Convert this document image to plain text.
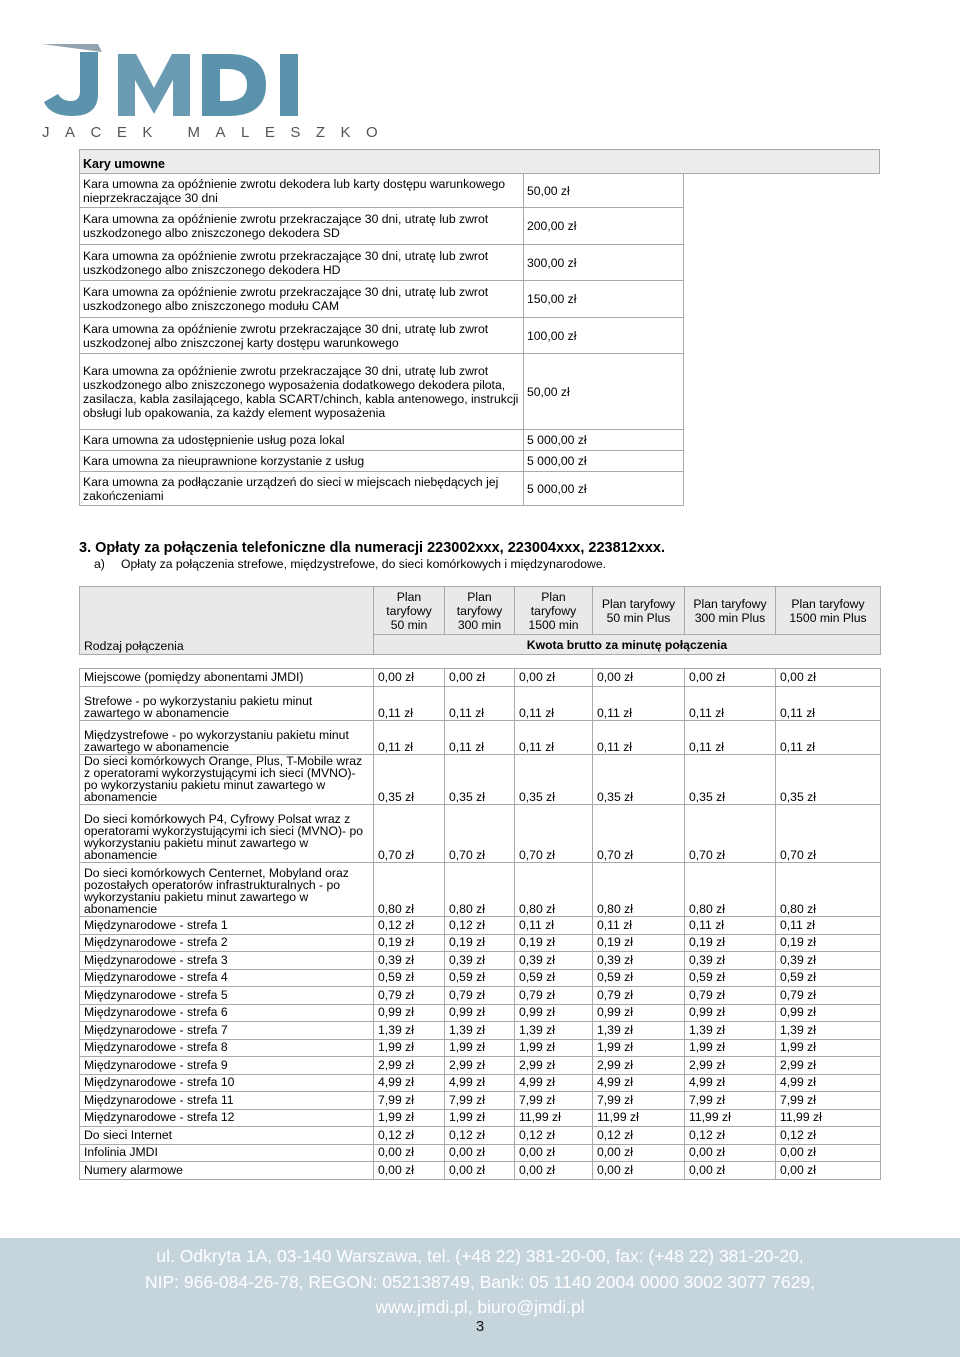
JACEK MALESZKO
Kary umowne		
Kara umowna za opóźnienie zwrotu dekodera lub karty dostępu warunkowego nieprzekraczające 30 dni	50,00 zł	
Kara umowna za opóźnienie zwrotu przekraczające 30 dni, utratę lub zwrot uszkodzonego albo zniszczonego dekodera SD	200,00 zł	
Kara umowna za opóźnienie zwrotu przekraczające 30 dni, utratę lub zwrot uszkodzonego albo zniszczonego dekodera HD	300,00 zł	
Kara umowna za opóźnienie zwrotu przekraczające 30 dni, utratę lub zwrot uszkodzonego albo zniszczonego modułu CAM	150,00 zł	
Kara umowna za opóźnienie zwrotu przekraczające 30 dni, utratę lub zwrot uszkodzonej albo zniszczonej karty dostępu warunkowego	100,00 zł	
Kara umowna za opóźnienie zwrotu przekraczające 30 dni, utratę lub zwrot uszkodzonego albo zniszczonego wyposażenia dodatkowego dekodera pilota, zasilacza, kabla zasilającego, kabla SCART/chinch, kabla antenowego, instrukcji obsługi lub opakowania, za każdy element wyposażenia	50,00 zł	
Kara umowna za udostępnienie usług poza lokal	5 000,00 zł	
Kara umowna za nieuprawnione korzystanie z usług	5 000,00 zł	
Kara umowna za podłączanie urządzeń do sieci w miejscach niebędących jej zakończeniami	5 000,00 zł	
3. Opłaty za połączenia telefoniczne dla numeracji 223002xxx, 223004xxx, 223812xxx.
a) Opłaty za połączenia strefowe, międzystrefowe, do sieci komórkowych i międzynarodowe.
Rodzaj połączenia	Plan taryfowy 50 min	Plan taryfowy 300 min	Plan taryfowy 1500 min	Plan taryfowy 50 min Plus	Plan taryfowy 300 min Plus	Plan taryfowy 1500 min Plus
	Kwota brutto za minutę połączenia					

Miejscowe (pomiędzy abonentami JMDI)	0,00 zł	0,00 zł	0,00 zł	0,00 zł	0,00 zł	0,00 zł
Strefowe - po wykorzystaniu pakietu minut zawartego w abonamencie	0,11 zł	0,11 zł	0,11 zł	0,11 zł	0,11 zł	0,11 zł
Międzystrefowe - po wykorzystaniu pakietu minut zawartego w abonamencie	0,11 zł	0,11 zł	0,11 zł	0,11 zł	0,11 zł	0,11 zł
Do sieci komórkowych Orange, Plus, T-Mobile wraz z operatorami wykorzystującymi ich sieci (MVNO)- po wykorzystaniu pakietu minut zawartego w abonamencie	0,35 zł	0,35 zł	0,35 zł	0,35 zł	0,35 zł	0,35 zł
Do sieci komórkowych P4, Cyfrowy Polsat wraz z operatorami wykorzystującymi ich sieci (MVNO)- po wykorzystaniu pakietu minut zawartego w abonamencie	0,70 zł	0,70 zł	0,70 zł	0,70 zł	0,70 zł	0,70 zł
Do sieci komórkowych Centernet, Mobyland oraz pozostałych operatorów infrastrukturalnych - po wykorzystaniu pakietu minut zawartego w abonamencie	0,80 zł	0,80 zł	0,80 zł	0,80 zł	0,80 zł	0,80 zł
Międzynarodowe - strefa 1	0,12 zł	0,12 zł	0,11 zł	0,11 zł	0,11 zł	0,11 zł
Międzynarodowe - strefa 2	0,19 zł	0,19 zł	0,19 zł	0,19 zł	0,19 zł	0,19 zł
Międzynarodowe - strefa 3	0,39 zł	0,39 zł	0,39 zł	0,39 zł	0,39 zł	0,39 zł
Międzynarodowe - strefa 4	0,59 zł	0,59 zł	0,59 zł	0,59 zł	0,59 zł	0,59 zł
Międzynarodowe - strefa 5	0,79 zł	0,79 zł	0,79 zł	0,79 zł	0,79 zł	0,79 zł
Międzynarodowe - strefa 6	0,99 zł	0,99 zł	0,99 zł	0,99 zł	0,99 zł	0,99 zł
Międzynarodowe - strefa 7	1,39 zł	1,39 zł	1,39 zł	1,39 zł	1,39 zł	1,39 zł
Międzynarodowe - strefa 8	1,99 zł	1,99 zł	1,99 zł	1,99 zł	1,99 zł	1,99 zł
Międzynarodowe - strefa 9	2,99 zł	2,99 zł	2,99 zł	2,99 zł	2,99 zł	2,99 zł
Międzynarodowe - strefa 10	4,99 zł	4,99 zł	4,99 zł	4,99 zł	4,99 zł	4,99 zł
Międzynarodowe - strefa 11	7,99 zł	7,99 zł	7,99 zł	7,99 zł	7,99 zł	7,99 zł
Międzynarodowe - strefa 12	1,99 zł	1,99 zł	11,99 zł	11,99 zł	11,99 zł	11,99 zł
Do sieci Internet	0,12 zł	0,12 zł	0,12 zł	0,12 zł	0,12 zł	0,12 zł
Infolinia JMDI	0,00 zł	0,00 zł	0,00 zł	0,00 zł	0,00 zł	0,00 zł
Numery alarmowe	0,00 zł	0,00 zł	0,00 zł	0,00 zł	0,00 zł	0,00 zł
ul. Odkryta 1A, 03-140 Warszawa, tel. (+48 22) 381-20-00, fax: (+48 22) 381-20-20,
NIP: 966-084-26-78, REGON: 052138749, Bank: 05 1140 2004 0000 3002 3077 7629,
www.jmdi.pl, biuro@jmdi.pl
3
